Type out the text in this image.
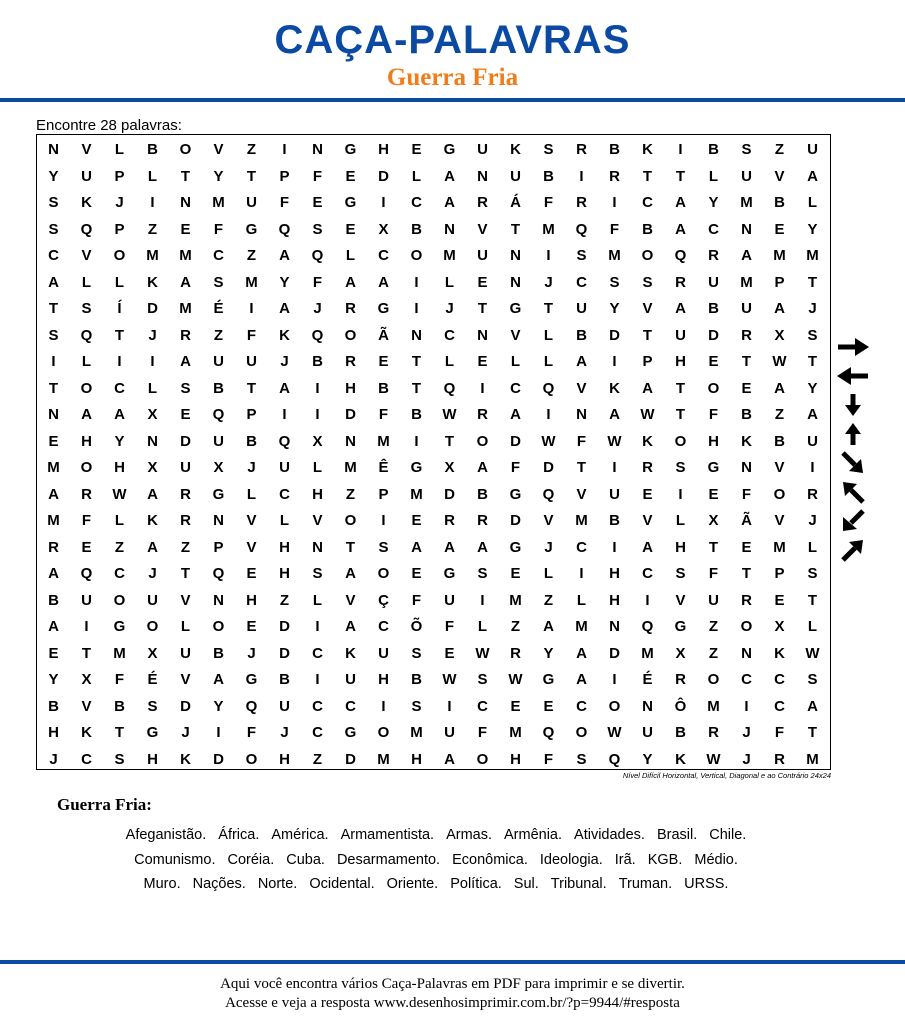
CAÇA-PALAVRAS
Guerra Fria
Encontre 28 palavras:
N	V	L	B	O	V	Z	I	N	G	H	E	G	U	K	S	R	B	K	I	B	S	Z	U
Y	U	P	L	T	Y	T	P	F	E	D	L	A	N	U	B	I	R	T	T	L	U	V	A
S	K	J	I	N	M	U	F	E	G	I	C	A	R	Á	F	R	I	C	A	Y	M	B	L
S	Q	P	Z	E	F	G	Q	S	E	X	B	N	V	T	M	Q	F	B	A	C	N	E	Y
C	V	O	M	M	C	Z	A	Q	L	C	O	M	U	N	I	S	M	O	Q	R	A	M	M
A	L	L	K	A	S	M	Y	F	A	A	I	L	E	N	J	C	S	S	R	U	M	P	T
T	S	Í	D	M	É	I	A	J	R	G	I	J	T	G	T	U	Y	V	A	B	U	A	J
S	Q	T	J	R	Z	F	K	Q	O	Ã	N	C	N	V	L	B	D	T	U	D	R	X	S
I	L	I	I	A	U	U	J	B	R	E	T	L	E	L	L	A	I	P	H	E	T	W	T
T	O	C	L	S	B	T	A	I	H	B	T	Q	I	C	Q	V	K	A	T	O	E	A	Y
N	A	A	X	E	Q	P	I	I	D	F	B	W	R	A	I	N	A	W	T	F	B	Z	A
E	H	Y	N	D	U	B	Q	X	N	M	I	T	O	D	W	F	W	K	O	H	K	B	U
M	O	H	X	U	X	J	U	L	M	Ê	G	X	A	F	D	T	I	R	S	G	N	V	I
A	R	W	A	R	G	L	C	H	Z	P	M	D	B	G	Q	V	U	E	I	E	F	O	R
M	F	L	K	R	N	V	L	V	O	I	E	R	R	D	V	M	B	V	L	X	Ã	V	J
R	E	Z	A	Z	P	V	H	N	T	S	A	A	A	G	J	C	I	A	H	T	E	M	L
A	Q	C	J	T	Q	E	H	S	A	O	E	G	S	E	L	I	H	C	S	F	T	P	S
B	U	O	U	V	N	H	Z	L	V	Ç	F	U	I	M	Z	L	H	I	V	U	R	E	T
A	I	G	O	L	O	E	D	I	A	C	Õ	F	L	Z	A	M	N	Q	G	Z	O	X	L
E	T	M	X	U	B	J	D	C	K	U	S	E	W	R	Y	A	D	M	X	Z	N	K	W
Y	X	F	É	V	A	G	B	I	U	H	B	W	S	W	G	A	I	É	R	O	C	C	S
B	V	B	S	D	Y	Q	U	C	C	I	S	I	C	E	E	C	O	N	Ô	M	I	C	A
H	K	T	G	J	I	F	J	C	G	O	M	U	F	M	Q	O	W	U	B	R	J	F	T
J	C	S	H	K	D	O	H	Z	D	M	H	A	O	H	F	S	Q	Y	K	W	J	R	M
Nível Difícil Horizontal, Vertical, Diagonal e ao Contrário 24x24
Guerra Fria:
Afeganistão. África. América. Armamentista. Armas. Armênia. Atividades. Brasil. Chile.
Comunismo. Coréia. Cuba. Desarmamento. Econômica. Ideologia. Irã. KGB. Médio.
Muro. Nações. Norte. Ocidental. Oriente. Política. Sul. Tribunal. Truman. URSS.
Aqui você encontra vários Caça-Palavras em PDF para imprimir e se divertir.
Acesse e veja a resposta www.desenhosimprimir.com.br/?p=9944/#resposta
